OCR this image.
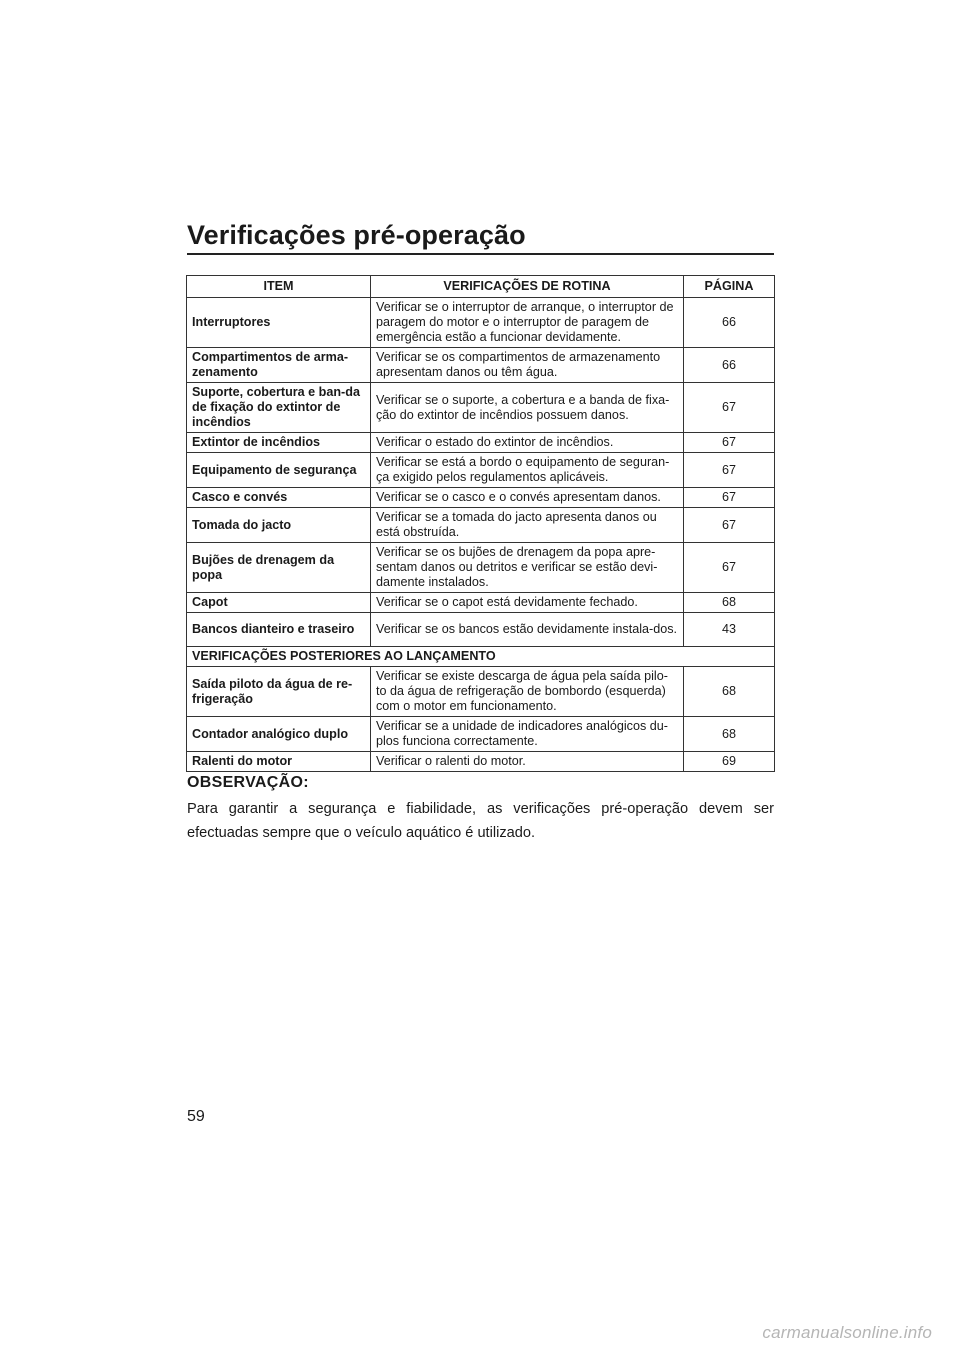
Verificações pré-operação
ITEM	VERIFICAÇÕES DE ROTINA	PÁGINA
Interruptores	Verificar se o interruptor de arranque, o interruptor de paragem do motor e o interruptor de paragem de emergência estão a funcionar devidamente.	66
Compartimentos de arma-zenamento	Verificar se os compartimentos de armazenamento apresentam danos ou têm água.	66
Suporte, cobertura e ban-da de fixação do extintor de incêndios	Verificar se o suporte, a cobertura e a banda de fixa-ção do extintor de incêndios possuem danos.	67
Extintor de incêndios	Verificar o estado do extintor de incêndios.	67
Equipamento de segurança	Verificar se está a bordo o equipamento de seguran-ça exigido pelos regulamentos aplicáveis.	67
Casco e convés	Verificar se o casco e o convés apresentam danos.	67
Tomada do jacto	Verificar se a tomada do jacto apresenta danos ou está obstruída.	67
Bujões de drenagem da popa	Verificar se os bujões de drenagem da popa apre-sentam danos ou detritos e verificar se estão devi-damente instalados.	67
Capot	Verificar se o capot está devidamente fechado.	68
Bancos dianteiro e traseiro	Verificar se os bancos estão devidamente instala-dos.	43
VERIFICAÇÕES POSTERIORES AO LANÇAMENTO		
Saída piloto da água de re-frigeração	Verificar se existe descarga de água pela saída pilo-to da água de refrigeração de bombordo (esquerda) com o motor em funcionamento.	68
Contador analógico duplo	Verificar se a unidade de indicadores analógicos du-plos funciona correctamente.	68
Ralenti do motor	Verificar o ralenti do motor.	69
OBSERVAÇÃO:

Para garantir a segurança e fiabilidade, as verificações pré-operação devem ser efectuadas sempre que o veículo aquático é utilizado.

59
carmanualsonline.info
